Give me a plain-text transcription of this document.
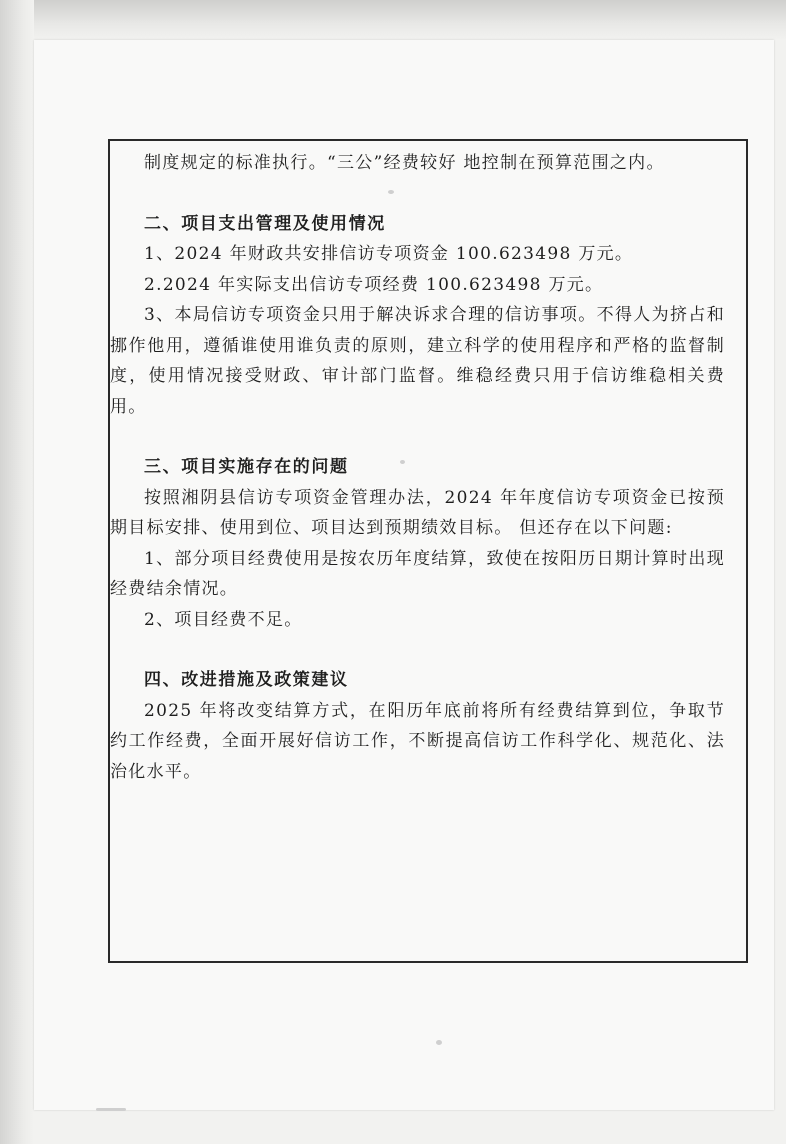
制度规定的标准执行。“三公”经费较好 地控制在预算范围之内。

二、项目支出管理及使用情况

1、2024 年财政共安排信访专项资金 100.623498 万元。

2.2024 年实际支出信访专项经费 100.623498 万元。

3、本局信访专项资金只用于解决诉求合理的信访事项。不得人为挤占和挪作他用，遵循谁使用谁负责的原则，建立科学的使用程序和严格的监督制度，使用情况接受财政、审计部门监督。维稳经费只用于信访维稳相关费用。

三、项目实施存在的问题

按照湘阴县信访专项资金管理办法，2024 年年度信访专项资金已按预期目标安排、使用到位、项目达到预期绩效目标。 但还存在以下问题:

1、部分项目经费使用是按农历年度结算，致使在按阳历日期计算时出现经费结余情况。

2、项目经费不足。

四、改进措施及政策建议

2025 年将改变结算方式，在阳历年底前将所有经费结算到位，争取节约工作经费，全面开展好信访工作，不断提高信访工作科学化、规范化、法治化水平。
